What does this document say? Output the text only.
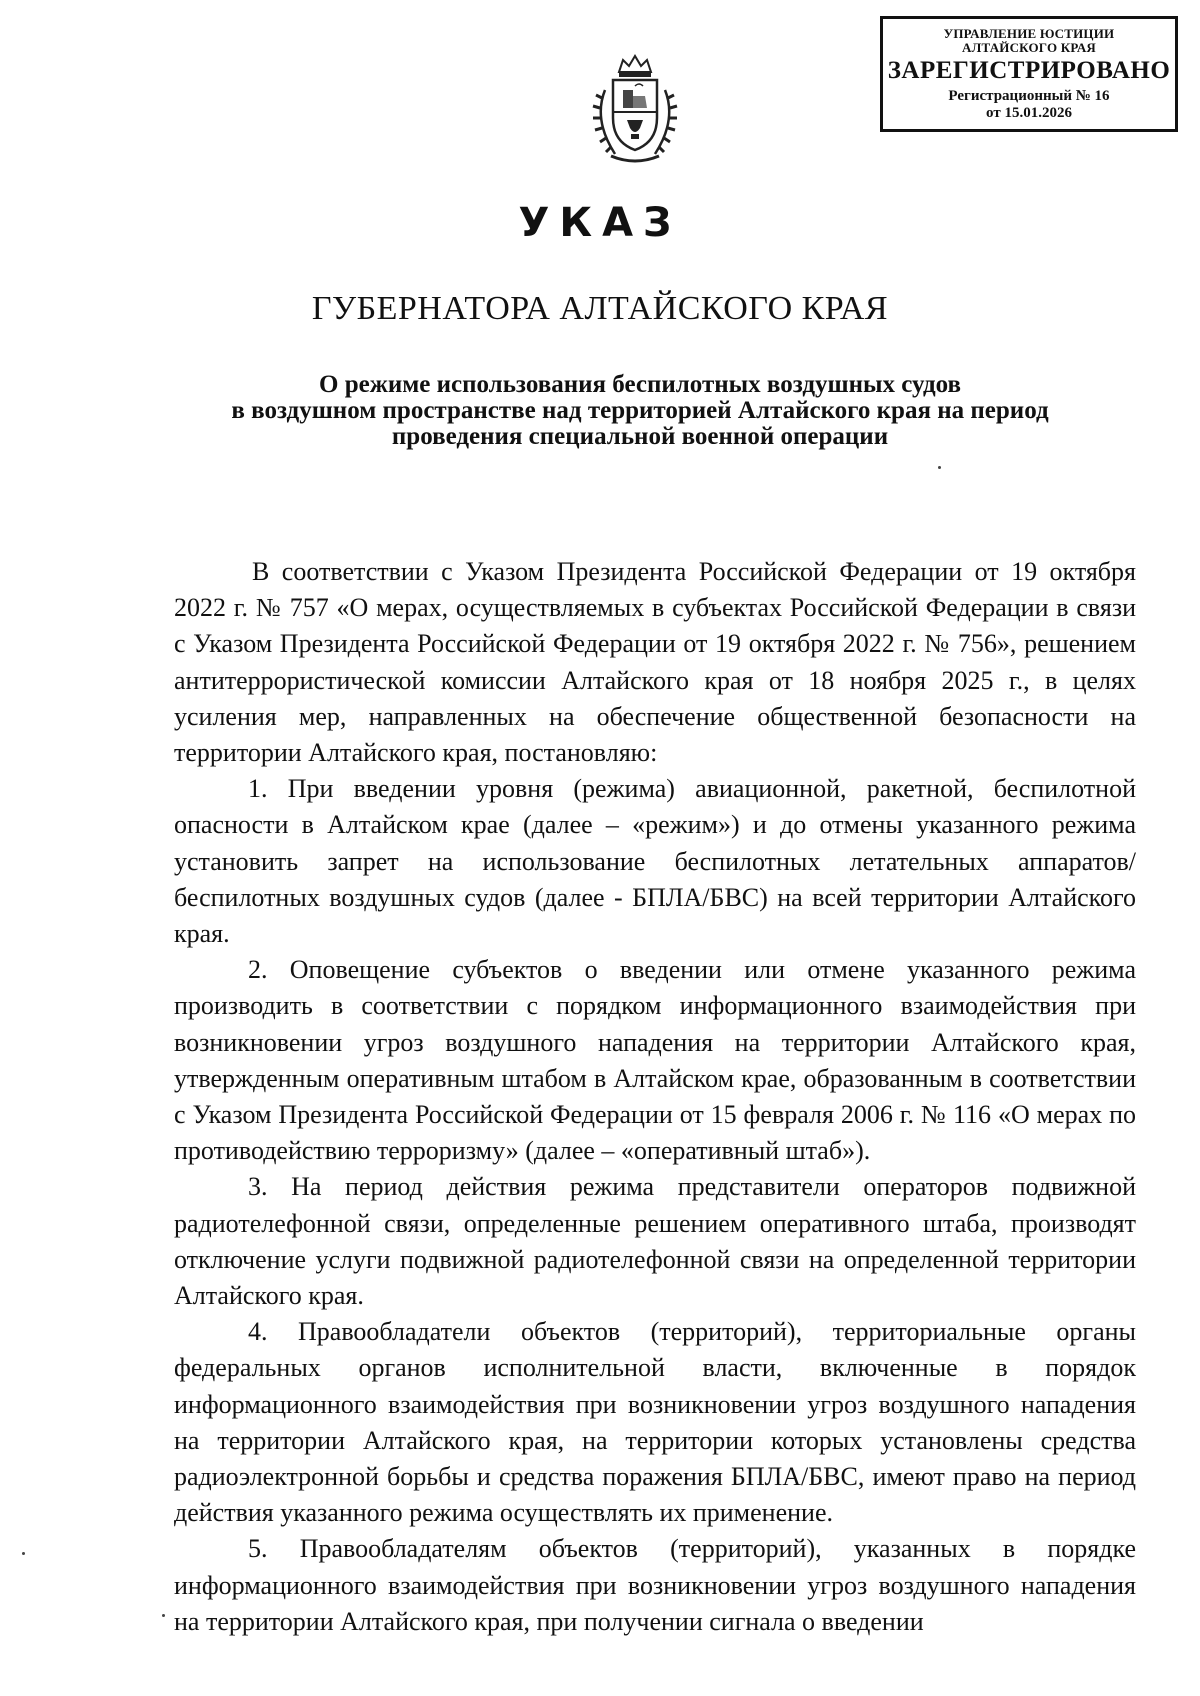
УПРАВЛЕНИЕ ЮСТИЦИИ
АЛТАЙСКОГО КРАЯ
ЗАРЕГИСТРИРОВАНО
Регистрационный № 16
от 15.01.2026
УКАЗ
ГУБЕРНАТОРА АЛТАЙСКОГО КРАЯ
О режиме использования беспилотных воздушных судов
в воздушном пространстве над территорией Алтайского края на период
проведения специальной военной операции

В соответствии с Указом Президента Российской Федерации от 19 октября 2022 г. № 757 «О мерах, осуществляемых в субъектах Российской Федерации в связи с Указом Президента Российской Федерации от 19 октября 2022 г. № 756», решением антитеррористической комиссии Алтайского края от 18 ноября 2025 г., в целях усиления мер, направленных на обеспечение общественной безопасности на территории Алтайского края, постановляю:

1. При введении уровня (режима) авиационной, ракетной, беспилотной опасности в Алтайском крае (далее – «режим») и до отмены указанного режима установить запрет на использование беспилотных летательных аппаратов/беспилотных воздушных судов (далее - БПЛА/БВС) на всей территории Алтайского края.

2. Оповещение субъектов о введении или отмене указанного режима производить в соответствии с порядком информационного взаимодействия при возникновении угроз воздушного нападения на территории Алтайского края, утвержденным оперативным штабом в Алтайском крае, образованным в соответствии с Указом Президента Российской Федерации от 15 февраля 2006 г. № 116 «О мерах по противодействию терроризму» (далее – «оперативный штаб»).

3. На период действия режима представители операторов подвижной радиотелефонной связи, определенные решением оперативного штаба, производят отключение услуги подвижной радиотелефонной связи на определенной территории Алтайского края.

4. Правообладатели объектов (территорий), территориальные органы федеральных органов исполнительной власти, включенные в порядок информационного взаимодействия при возникновении угроз воздушного нападения на территории Алтайского края, на территории которых установлены средства радиоэлектронной борьбы и средства поражения БПЛА/БВС, имеют право на период действия указанного режима осуществлять их применение.

5. Правообладателям объектов (территорий), указанных в порядке информационного взаимодействия при возникновении угроз воздушного нападения на территории Алтайского края, при получении сигнала о введении
